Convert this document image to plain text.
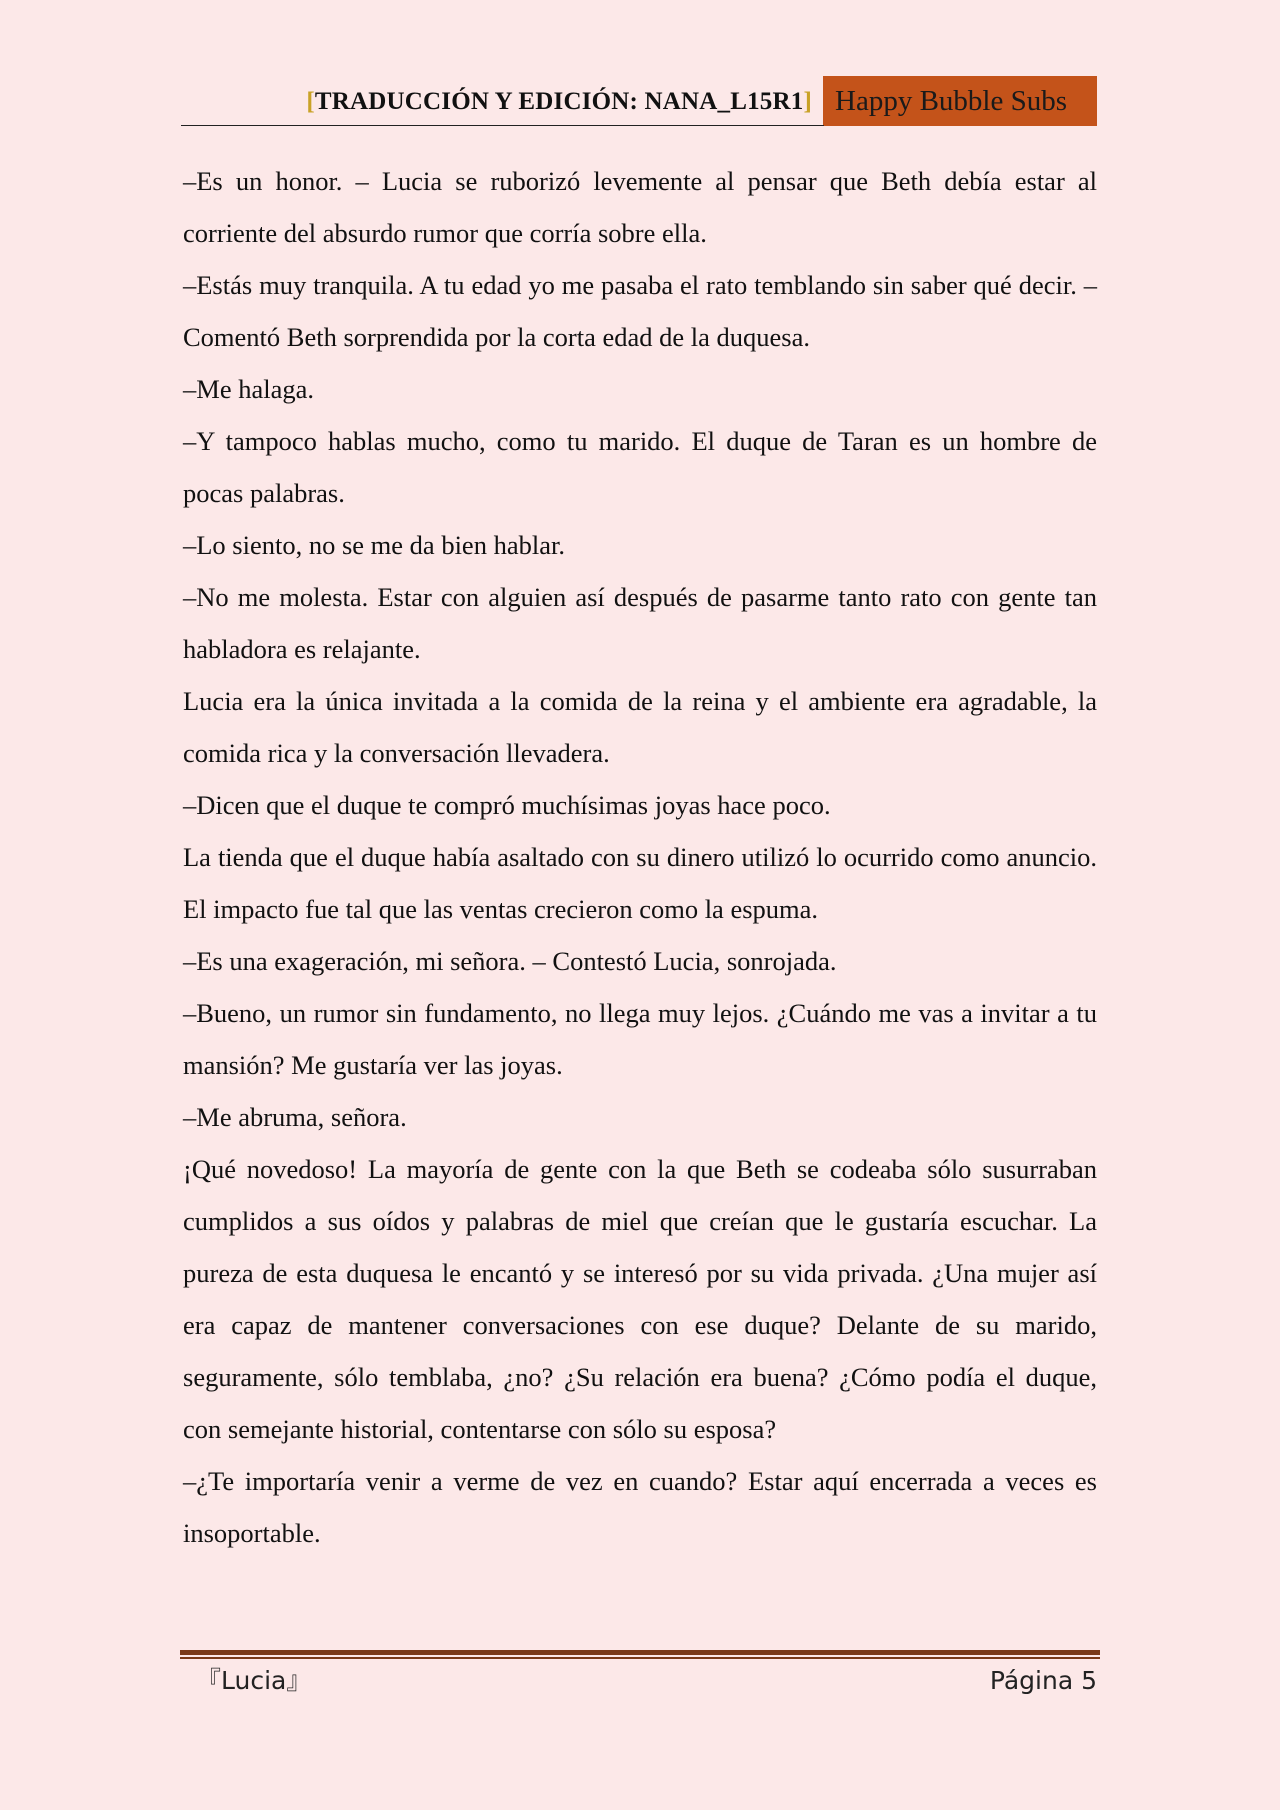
[TRADUCCIÓN Y EDICIÓN: NANA_L15R1] Happy Bubble Subs

–Es un honor. – Lucia se ruborizó levemente al pensar que Beth debía estar al corriente del absurdo rumor que corría sobre ella.

–Estás muy tranquila. A tu edad yo me pasaba el rato temblando sin saber qué decir. – Comentó Beth sorprendida por la corta edad de la duquesa.

–Me halaga.

–Y tampoco hablas mucho, como tu marido. El duque de Taran es un hombre de pocas palabras.

–Lo siento, no se me da bien hablar.

–No me molesta. Estar con alguien así después de pasarme tanto rato con gente tan habladora es relajante.

Lucia era la única invitada a la comida de la reina y el ambiente era agradable, la comida rica y la conversación llevadera.

–Dicen que el duque te compró muchísimas joyas hace poco.

La tienda que el duque había asaltado con su dinero utilizó lo ocurrido como anuncio. El impacto fue tal que las ventas crecieron como la espuma.

–Es una exageración, mi señora. – Contestó Lucia, sonrojada.

–Bueno, un rumor sin fundamento, no llega muy lejos. ¿Cuándo me vas a invitar a tu mansión? Me gustaría ver las joyas.

–Me abruma, señora.

¡Qué novedoso! La mayoría de gente con la que Beth se codeaba sólo susurraban cumplidos a sus oídos y palabras de miel que creían que le gustaría escuchar. La pureza de esta duquesa le encantó y se interesó por su vida privada. ¿Una mujer así era capaz de mantener conversaciones con ese duque? Delante de su marido, seguramente, sólo temblaba, ¿no? ¿Su relación era buena? ¿Cómo podía el duque, con semejante historial, contentarse con sólo su esposa?

–¿Te importaría venir a verme de vez en cuando? Estar aquí encerrada a veces es insoportable.

『Lucia』	Página 5
